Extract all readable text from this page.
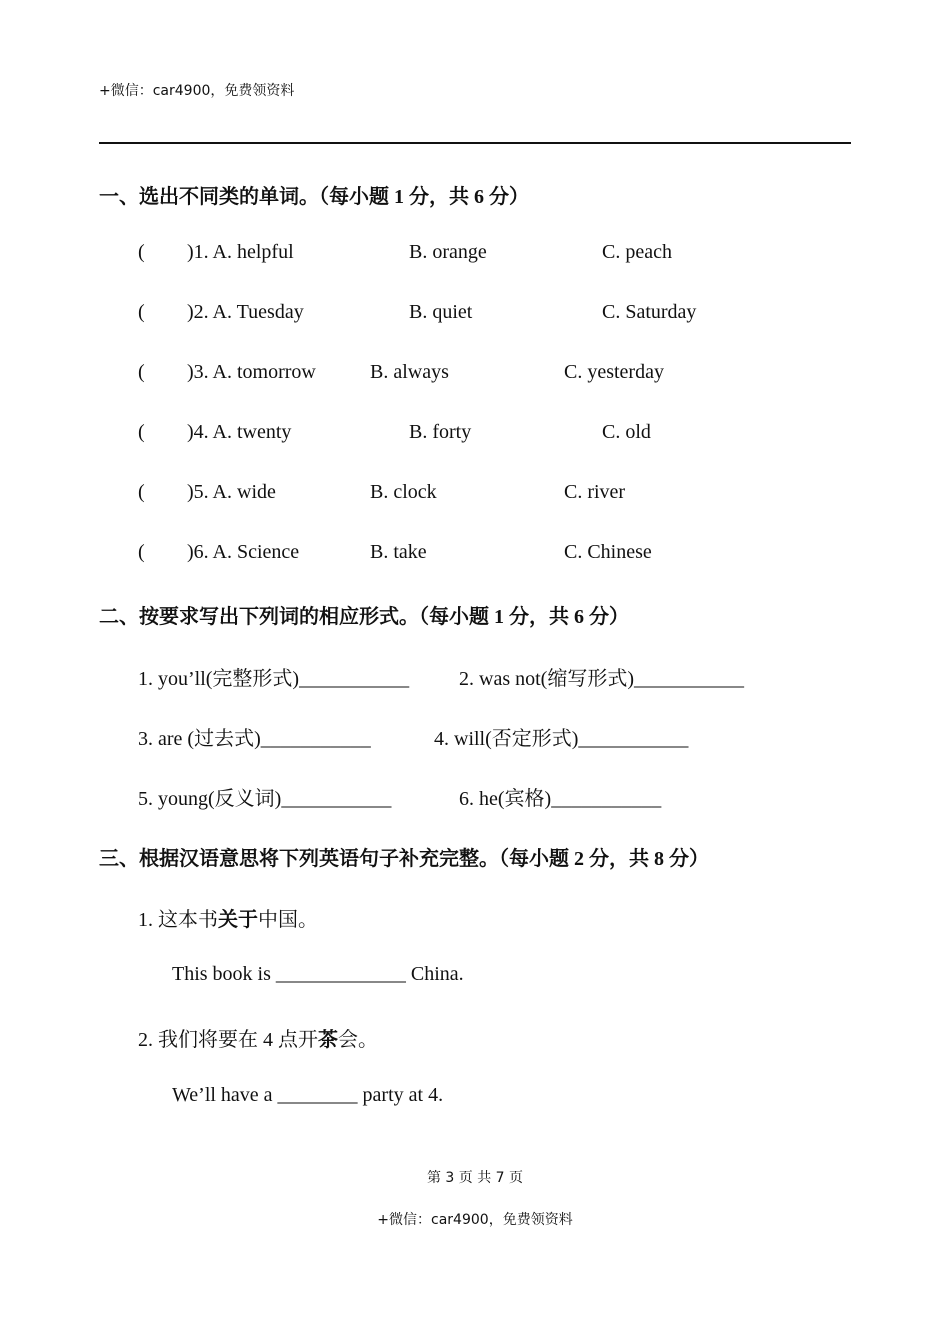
+微信：car4900，免费领资料
一、选出不同类的单词。（每小题 1 分，共 6 分）
( )1. A. helpful	B. orange	C. peach
( )2. A. Tuesday	B. quiet	C. Saturday
( )3. A. tomorrow	B. always	C. yesterday
( )4. A. twenty	B. forty	C. old
( )5. A. wide	B. clock	C. river
( )6. A. Science	B. take	C. Chinese
二、按要求写出下列词的相应形式。（每小题 1 分，共 6 分）
1. you’ll(完整形式)___________ 2. was not(缩写形式)___________
3. are (过去式)___________	4. will(否定形式)___________
5. young(反义词)___________	6. he(宾格)___________
三、根据汉语意思将下列英语句子补充完整。（每小题 2 分，共 8 分）
1. 这本书关于中国。
This book is _____________ China.
2. 我们将要在 4 点开茶会。
We’ll have a ________ party at 4.
第 3 页 共 7 页
+微信：car4900，免费领资料
